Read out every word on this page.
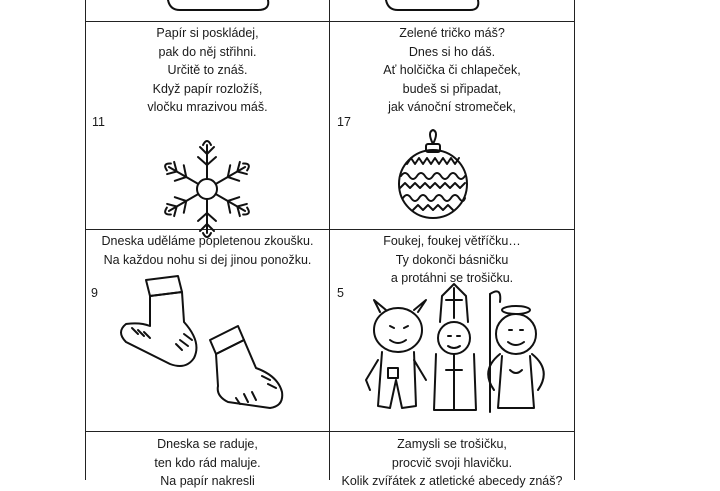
Papír si poskládej,
pak do něj střihni.
Určitě to znáš.
Když papír rozložíš,
vločku mrazivou máš.
11
Zelené tričko máš?
Dnes si ho dáš.
Ať holčička či chlapeček,
budeš si připadat,
jak vánoční stromeček,
17
Dneska uděláme popletenou zkoušku.
Na každou nohu si dej jinou ponožku.
9
Foukej, foukej větříčku…
Ty dokonči básničku
a protáhni se trošičku.
5
Dneska se raduje,
ten kdo rád maluje.
Na papír nakresli
Zamysli se trošičku,
procvič svoji hlavičku.
Kolik zvířátek z atletické abecedy znáš?
